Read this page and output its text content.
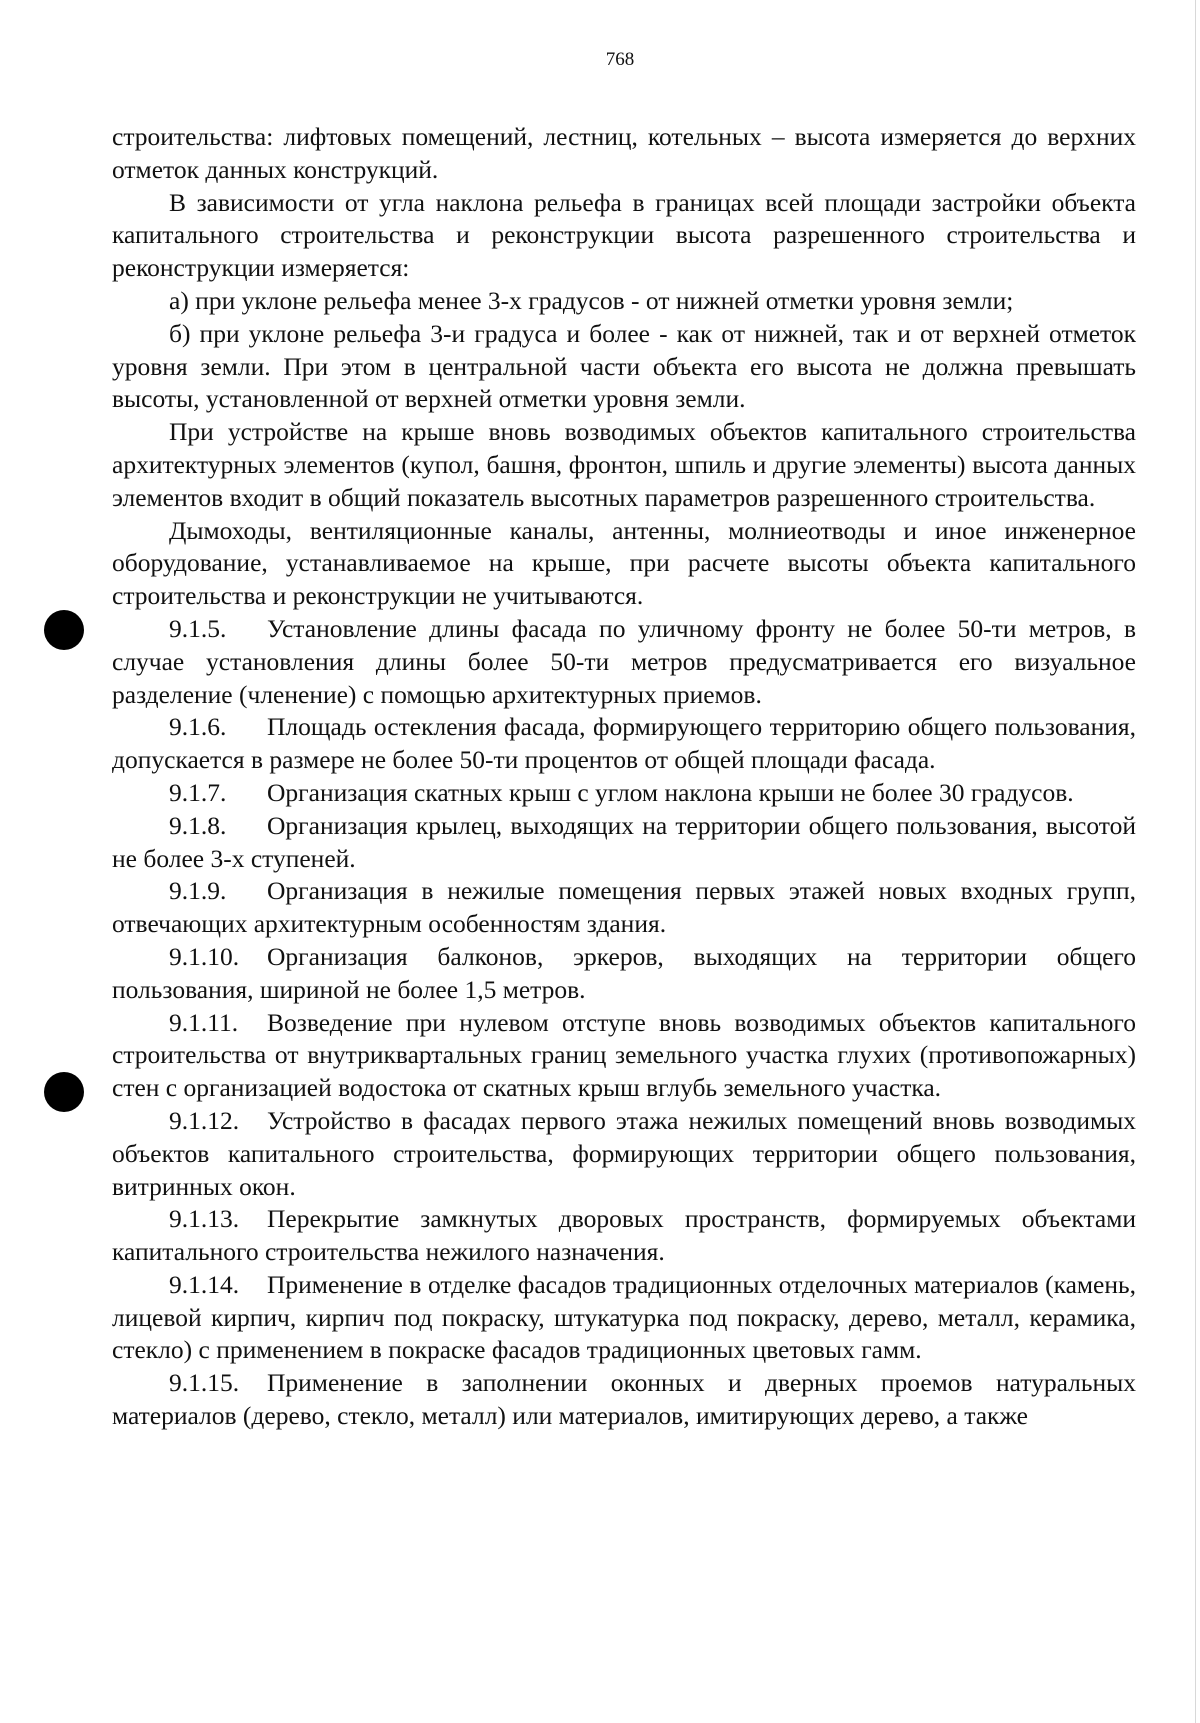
768

строительства: лифтовых помещений, лестниц, котельных – высота измеряется до верхних отметок данных конструкций.

В зависимости от угла наклона рельефа в границах всей площади застройки объекта капитального строительства и реконструкции высота разрешенного строительства и реконструкции измеряется:

а) при уклоне рельефа менее 3-х градусов - от нижней отметки уровня земли;

б) при уклоне рельефа 3-и градуса и более - как от нижней, так и от верхней отметок уровня земли. При этом в центральной части объекта его высота не должна превышать высоты, установленной от верхней отметки уровня земли.

При устройстве на крыше вновь возводимых объектов капитального строительства архитектурных элементов (купол, башня, фронтон, шпиль и другие элементы) высота данных элементов входит в общий показатель высотных параметров разрешенного строительства.

Дымоходы, вентиляционные каналы, антенны, молниеотводы и иное инженерное оборудование, устанавливаемое на крыше, при расчете высоты объекта капитального строительства и реконструкции не учитываются.

9.1.5. Установление длины фасада по уличному фронту не более 50-ти метров, в случае установления длины более 50-ти метров предусматривается его визуальное разделение (членение) с помощью архитектурных приемов.

9.1.6. Площадь остекления фасада, формирующего территорию общего пользования, допускается в размере не более 50-ти процентов от общей площади фасада.

9.1.7. Организация скатных крыш с углом наклона крыши не более 30 градусов.

9.1.8. Организация крылец, выходящих на территории общего пользования, высотой не более 3-х ступеней.

9.1.9. Организация в нежилые помещения первых этажей новых входных групп, отвечающих архитектурным особенностям здания.

9.1.10. Организация балконов, эркеров, выходящих на территории общего пользования, шириной не более 1,5 метров.

9.1.11. Возведение при нулевом отступе вновь возводимых объектов капитального строительства от внутриквартальных границ земельного участка глухих (противопожарных) стен с организацией водостока от скатных крыш вглубь земельного участка.

9.1.12. Устройство в фасадах первого этажа нежилых помещений вновь возводимых объектов капитального строительства, формирующих территории общего пользования, витринных окон.

9.1.13. Перекрытие замкнутых дворовых пространств, формируемых объектами капитального строительства нежилого назначения.

9.1.14. Применение в отделке фасадов традиционных отделочных материалов (камень, лицевой кирпич, кирпич под покраску, штукатурка под покраску, дерево, металл, керамика, стекло) с применением в покраске фасадов традиционных цветовых гамм.

9.1.15. Применение в заполнении оконных и дверных проемов натуральных материалов (дерево, стекло, металл) или материалов, имитирующих дерево, а также
